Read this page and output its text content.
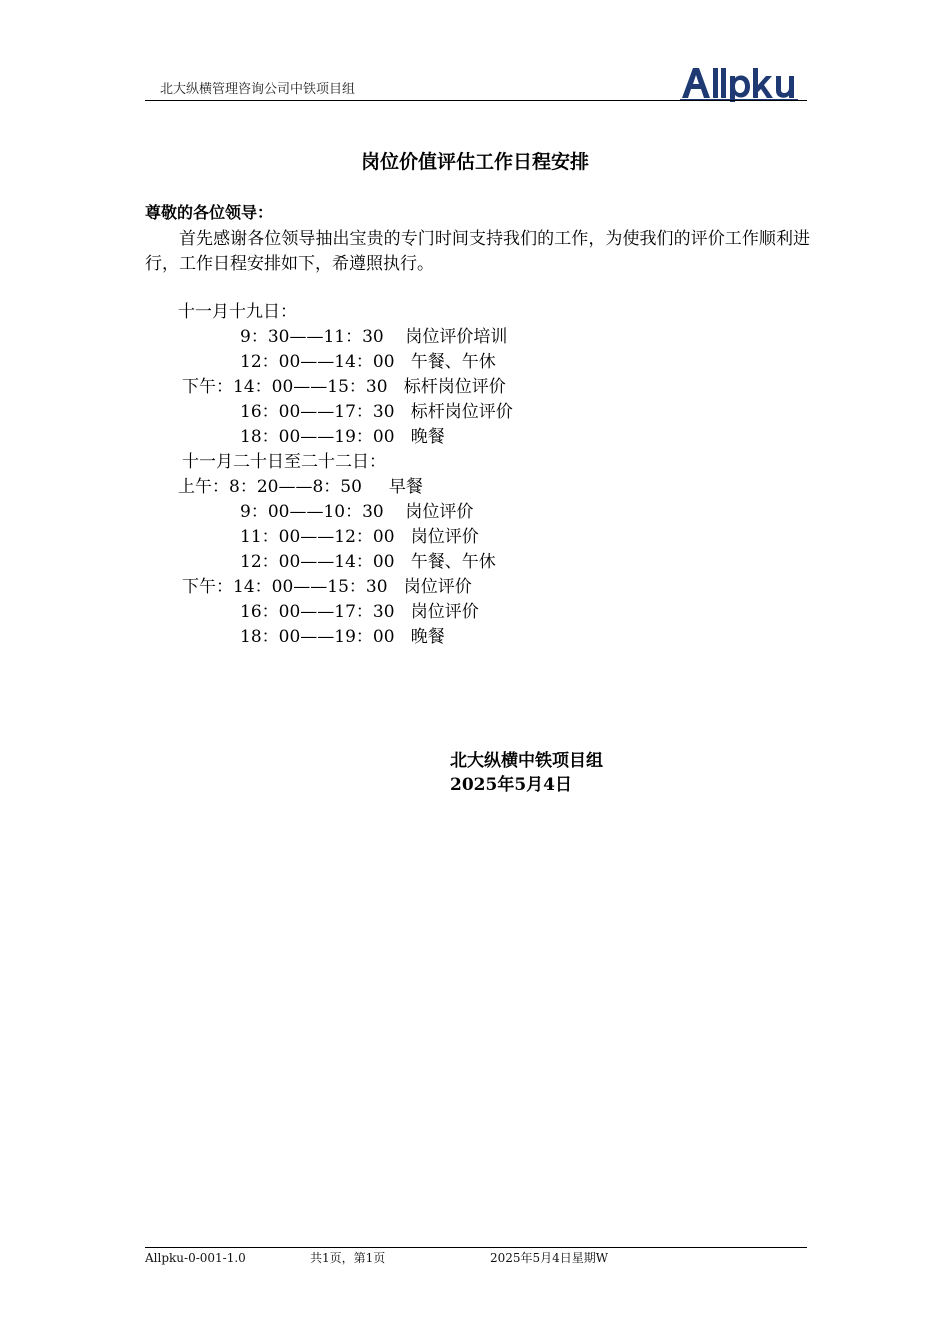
北大纵横管理咨询公司中铁项目组
岗位价值评估工作日程安排
尊敬的各位领导：
首先感谢各位领导抽出宝贵的专门时间支持我们的工作，为使我们的评价工作顺利进行，工作日程安排如下，希遵照执行。
十一月十九日：
9：30——11：30    岗位评价培训
12：00——14：00   午餐、午休
下午：14：00——15：30   标杆岗位评价
16：00——17：30   标杆岗位评价
18：00——19：00   晚餐
十一月二十日至二十二日：
上午：8：20——8：50     早餐
9：00——10：30    岗位评价
11：00——12：00   岗位评价
12：00——14：00   午餐、午休
下午：14：00——15：30   岗位评价
16：00——17：30   岗位评价
18：00——19：00   晚餐
北大纵横中铁项目组
2025年5月4日
Allpku-0-001-1.0	共1页，第1页	2025年5月4日星期W
